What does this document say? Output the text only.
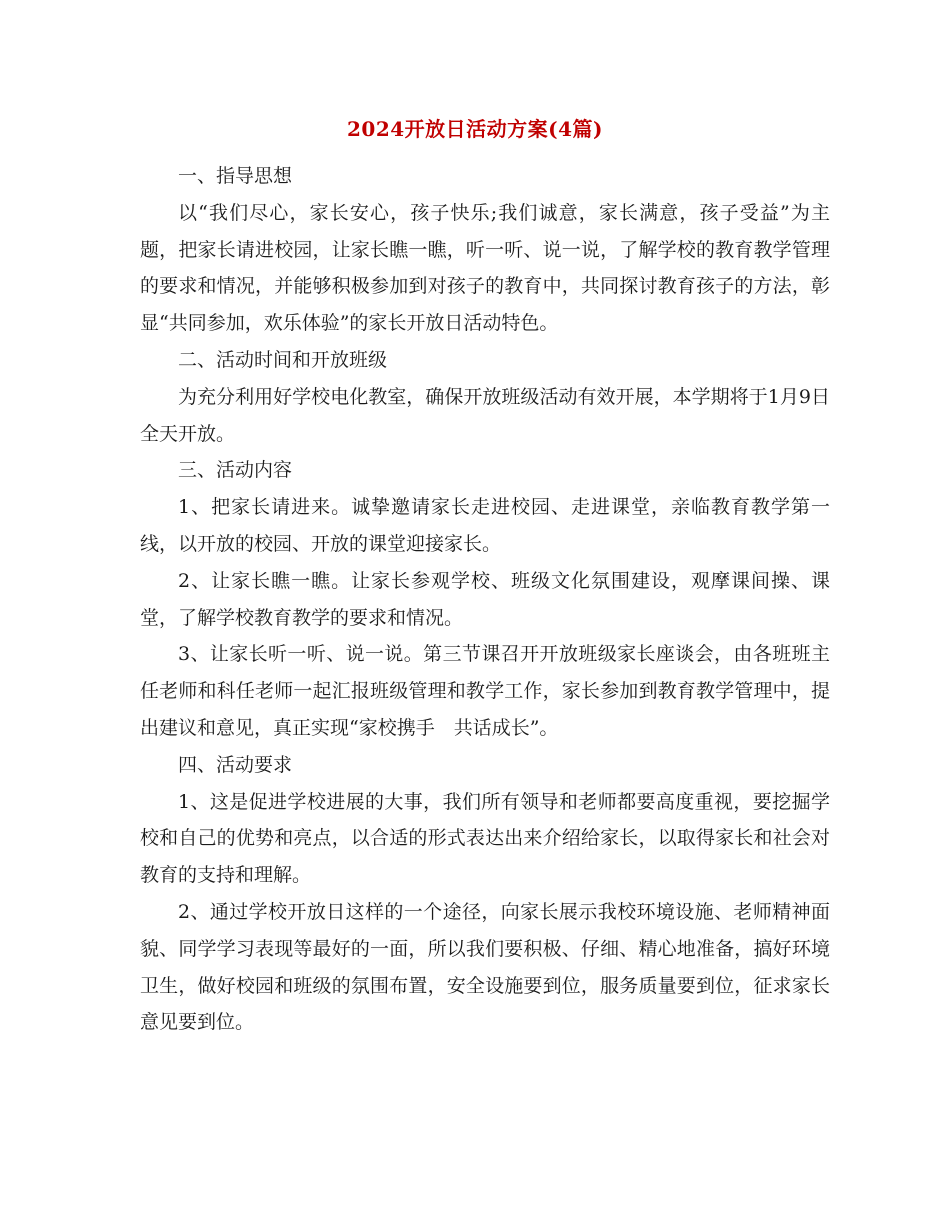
2024开放日活动方案(4篇)

一、指导思想

以“我们尽心，家长安心，孩子快乐;我们诚意，家长满意，孩子受益”为主题，把家长请进校园，让家长瞧一瞧，听一听、说一说，了解学校的教育教学管理的要求和情况，并能够积极参加到对孩子的教育中，共同探讨教育孩子的方法，彰显“共同参加，欢乐体验”的家长开放日活动特色。

二、活动时间和开放班级

为充分利用好学校电化教室，确保开放班级活动有效开展，本学期将于1月9日全天开放。

三、活动内容

1、把家长请进来。诚挚邀请家长走进校园、走进课堂，亲临教育教学第一线，以开放的校园、开放的课堂迎接家长。

2、让家长瞧一瞧。让家长参观学校、班级文化氛围建设，观摩课间操、课堂，了解学校教育教学的要求和情况。

3、让家长听一听、说一说。第三节课召开开放班级家长座谈会，由各班班主任老师和科任老师一起汇报班级管理和教学工作，家长参加到教育教学管理中，提出建议和意见，真正实现“家校携手　共话成长”。

四、活动要求

1、这是促进学校进展的大事，我们所有领导和老师都要高度重视，要挖掘学校和自己的优势和亮点，以合适的形式表达出来介绍给家长，以取得家长和社会对教育的支持和理解。

2、通过学校开放日这样的一个途径，向家长展示我校环境设施、老师精神面貌、同学学习表现等最好的一面，所以我们要积极、仔细、精心地准备，搞好环境卫生，做好校园和班级的氛围布置，安全设施要到位，服务质量要到位，征求家长意见要到位。
